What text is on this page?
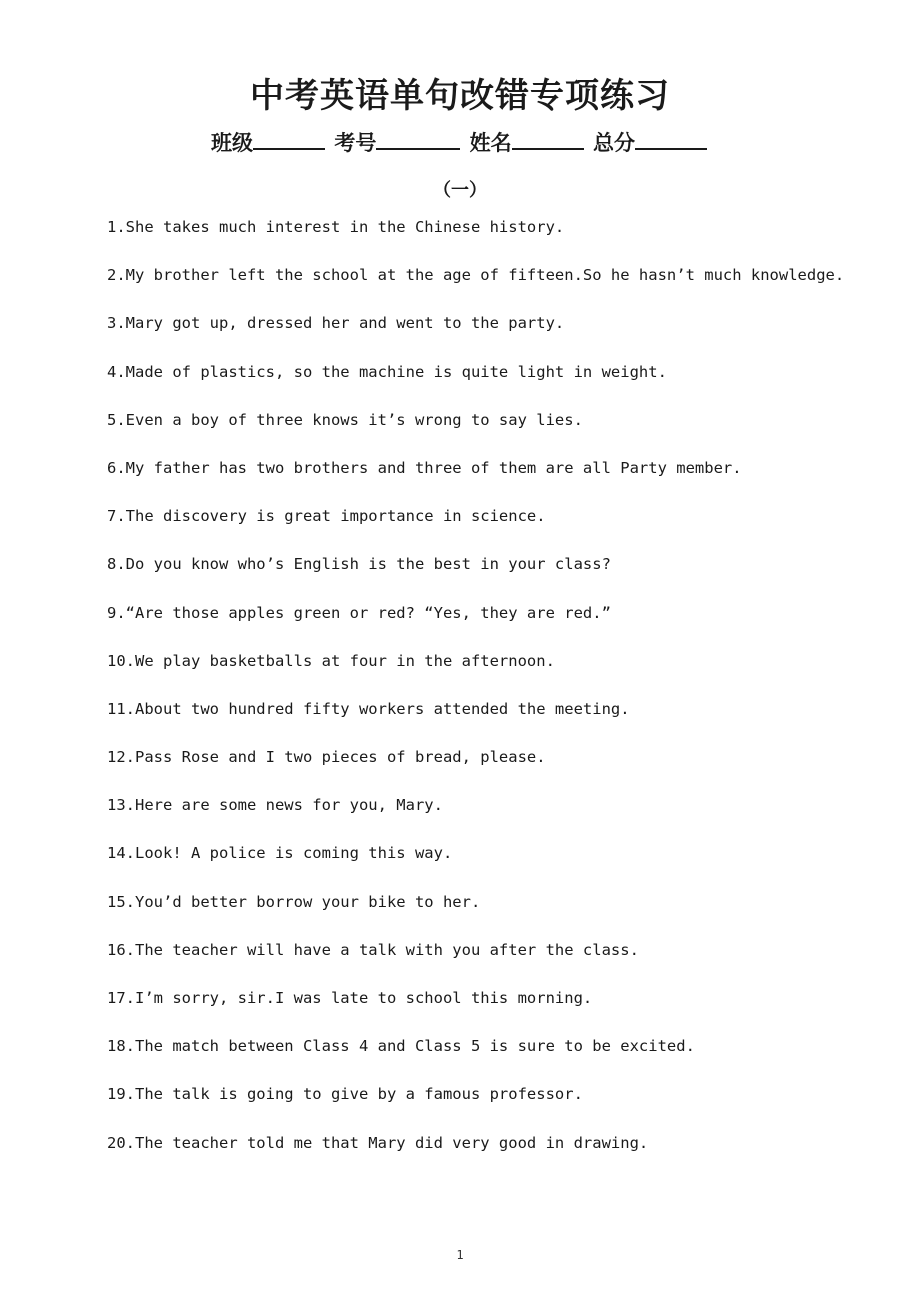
中考英语单句改错专项练习
班级	考号	姓名	总分
（一）
1.She takes much interest in the Chinese history.
2.My brother left the school at the age of fifteen.So he hasn’t much knowledge.
3.Mary got up, dressed her and went to the party.
4.Made of plastics, so the machine is quite light in weight.
5.Even a boy of three knows it’s wrong to say lies.
6.My father has two brothers and three of them are all Party member.
7.The discovery is great importance in science.
8.Do you know who’s English is the best in your class?
9.“Are those apples green or red? “Yes, they are red.”
10.We play basketballs at four in the afternoon.
11.About two hundred fifty workers attended the meeting.
12.Pass Rose and I two pieces of bread, please.
13.Here are some news for you, Mary.
14.Look! A police is coming this way.
15.You’d better borrow your bike to her.
16.The teacher will have a talk with you after the class.
17.I’m sorry, sir.I was late to school this morning.
18.The match between Class 4 and Class 5 is sure to be excited.
19.The talk is going to give by a famous professor.
20.The teacher told me that Mary did very good in drawing.
1
